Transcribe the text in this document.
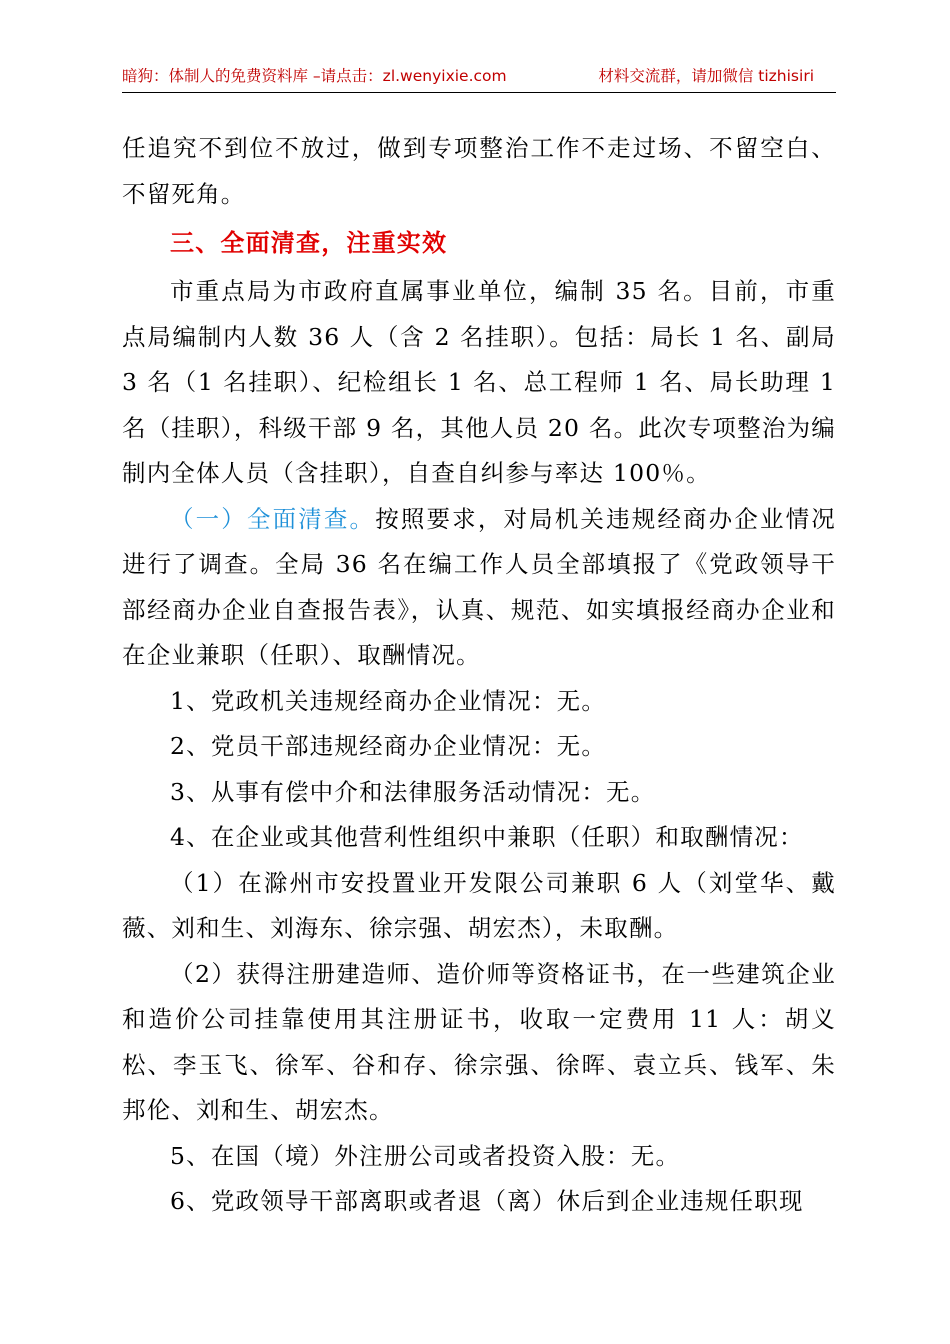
暗狗：体制人的免费资料库 –请点击：zl.wenyixie.com	材料交流群，请加微信 tizhisiri

任追究不到位不放过，做到专项整治工作不走过场、不留空白、不留死角。

三、全面清查，注重实效

市重点局为市政府直属事业单位，编制 35 名。目前，市重点局编制内人数 36 人（含 2 名挂职）。包括：局长 1 名、副局 3 名（1 名挂职）、纪检组长 1 名、总工程师 1 名、局长助理 1 名（挂职），科级干部 9 名，其他人员 20 名。此次专项整治为编制内全体人员（含挂职），自查自纠参与率达 100％。

（一）全面清查。按照要求，对局机关违规经商办企业情况进行了调查。全局 36 名在编工作人员全部填报了《党政领导干部经商办企业自查报告表》，认真、规范、如实填报经商办企业和在企业兼职（任职）、取酬情况。

1、党政机关违规经商办企业情况：无。

2、党员干部违规经商办企业情况：无。

3、从事有偿中介和法律服务活动情况：无。

4、在企业或其他营利性组织中兼职（任职）和取酬情况：

（1）在滁州市安投置业开发限公司兼职 6 人（刘堂华、戴薇、刘和生、刘海东、徐宗强、胡宏杰），未取酬。

（2）获得注册建造师、造价师等资格证书，在一些建筑企业和造价公司挂靠使用其注册证书，收取一定费用 11 人：胡义松、李玉飞、徐军、谷和存、徐宗强、徐晖、袁立兵、钱军、朱邦伦、刘和生、胡宏杰。

5、在国（境）外注册公司或者投资入股：无。

6、党政领导干部离职或者退（离）休后到企业违规任职现
